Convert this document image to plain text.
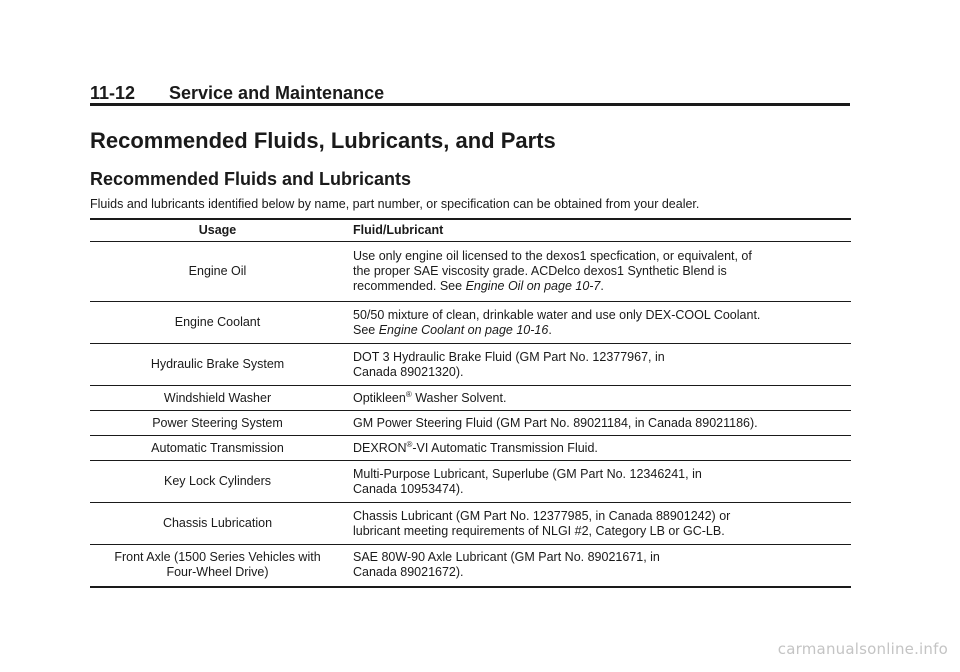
11-12 Service and Maintenance
Recommended Fluids, Lubricants, and Parts
Recommended Fluids and Lubricants

Fluids and lubricants identified below by name, part number, or specification can be obtained from your dealer.

Usage	Fluid/Lubricant
Engine Oil	Use only engine oil licensed to the dexos1 specfication, or equivalent, of
the proper SAE viscosity grade. ACDelco dexos1 Synthetic Blend is
recommended. See Engine Oil on page 10-7.
Engine Coolant	50/50 mixture of clean, drinkable water and use only DEX-COOL Coolant.
See Engine Coolant on page 10-16.
Hydraulic Brake System	DOT 3 Hydraulic Brake Fluid (GM Part No. 12377967, in
Canada 89021320).
Windshield Washer	Optikleen® Washer Solvent.
Power Steering System	GM Power Steering Fluid (GM Part No. 89021184, in Canada 89021186).
Automatic Transmission	DEXRON®-VI Automatic Transmission Fluid.
Key Lock Cylinders	Multi-Purpose Lubricant, Superlube (GM Part No. 12346241, in
Canada 10953474).
Chassis Lubrication	Chassis Lubricant (GM Part No. 12377985, in Canada 88901242) or
lubricant meeting requirements of NLGI #2, Category LB or GC-LB.
Front Axle (1500 Series Vehicles with
Four-Wheel Drive)	SAE 80W-90 Axle Lubricant (GM Part No. 89021671, in
Canada 89021672).
carmanualsonline.info
